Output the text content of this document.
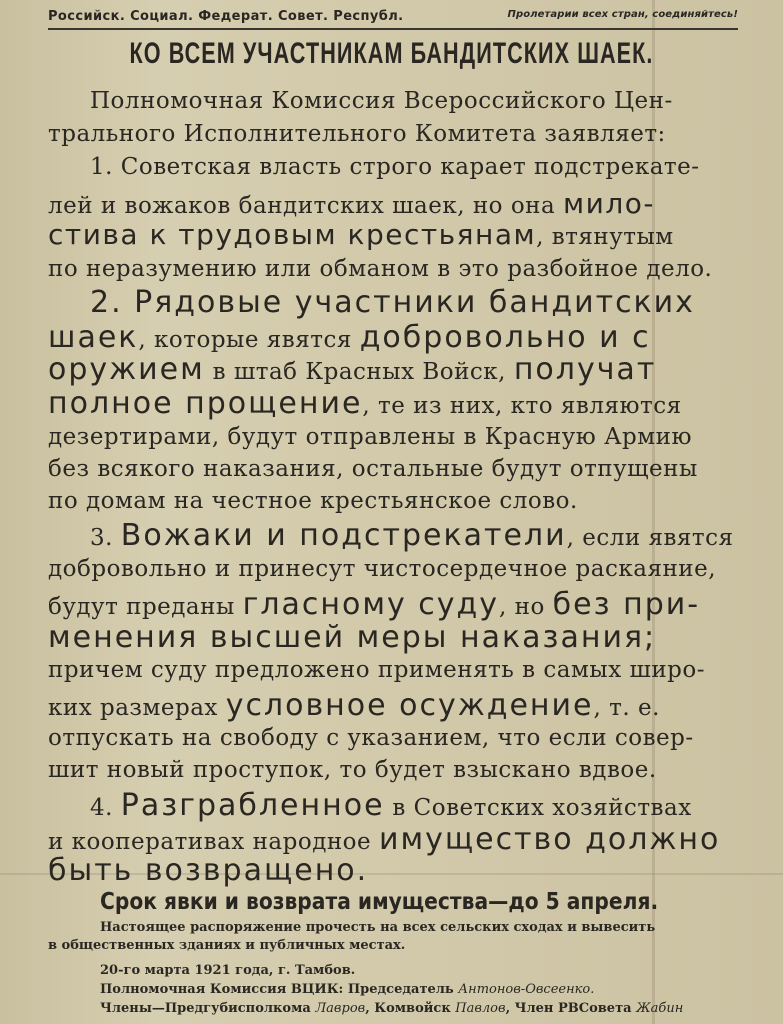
Российск. Социал. Федерат. Совет. Республ.	Пролетарии всех стран, соединяйтесь!
КО ВСЕМ УЧАСТНИКАМ БАНДИТСКИХ ШАЕК.
Полномочная Комиссия Всероссийского Цен-
трального Исполнительного Комитета заявляет:
1. Советская власть строго карает подстрекате-
лей и вожаков бандитских шаек, но она мило-
стива к трудовым крестьянам, втянутым
по неразумению или обманом в это разбойное дело.
2. Рядовые участники бандитских
шаек, которые явятся добровольно и с
оружием в штаб Красных Войск, получат
полное прощение, те из них, кто являются
дезертирами, будут отправлены в Красную Армию
без всякого наказания, остальные будут отпущены
по домам на честное крестьянское слово.
3. Вожаки и подстрекатели, если явятся
добровольно и принесут чистосердечное раскаяние,
будут преданы гласному суду, но без при-
менения высшей меры наказания;
причем суду предложено применять в самых широ-
ких размерах условное осуждение, т. е.
отпускать на свободу с указанием, что если совер-
шит новый проступок, то будет взыскано вдвое.
4. Разграбленное в Советских хозяйствах
и кооперативах народное имущество должно
быть возвращено.
Срок явки и возврата имущества—до 5 апреля.
Настоящее распоряжение прочесть на всех сельских сходах и вывесить
в общественных зданиях и публичных местах.
20-го марта 1921 года, г. Тамбов.
Полномочная Комиссия ВЦИК: Председатель Антонов-Овсеенко.
Члены—Предгубисполкома Лавров, Комвойск Павлов, Член РВСовета Жабин
